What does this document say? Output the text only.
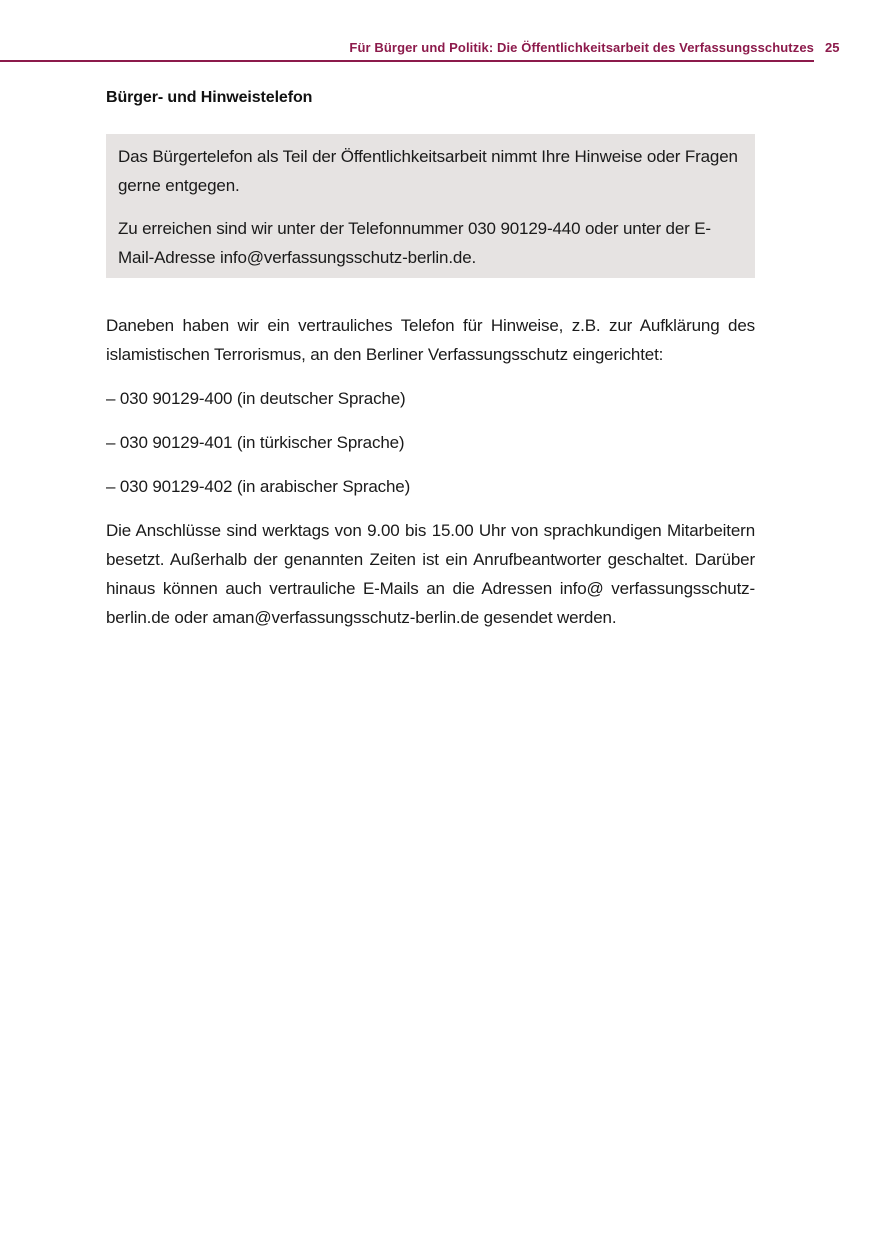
Für Bürger und Politik: Die Öffentlichkeitsarbeit des Verfassungsschutzes 25
Bürger- und Hinweistelefon

Das Bürgertelefon als Teil der Öffentlichkeitsarbeit nimmt Ihre Hinweise oder Fragen gerne entgegen.

Zu erreichen sind wir unter der Telefonnummer 030 90129-440 oder unter der E-Mail-Adresse info@verfassungsschutz-berlin.de.

Daneben haben wir ein vertrauliches Telefon für Hinweise, z.B. zur Aufklärung des islamistischen Terrorismus, an den Berliner Verfassungsschutz eingerichtet:

– 030 90129-400 (in deutscher Sprache)
– 030 90129-401 (in türkischer Sprache)
– 030 90129-402 (in arabischer Sprache)

Die Anschlüsse sind werktags von 9.00 bis 15.00 Uhr von sprachkundigen Mitarbeitern besetzt. Außerhalb der genannten Zeiten ist ein Anrufbeantworter geschaltet. Darüber hinaus können auch vertrauliche E-Mails an die Adressen info@ verfassungsschutz-berlin.de oder aman@verfassungsschutz-berlin.de gesendet werden.
